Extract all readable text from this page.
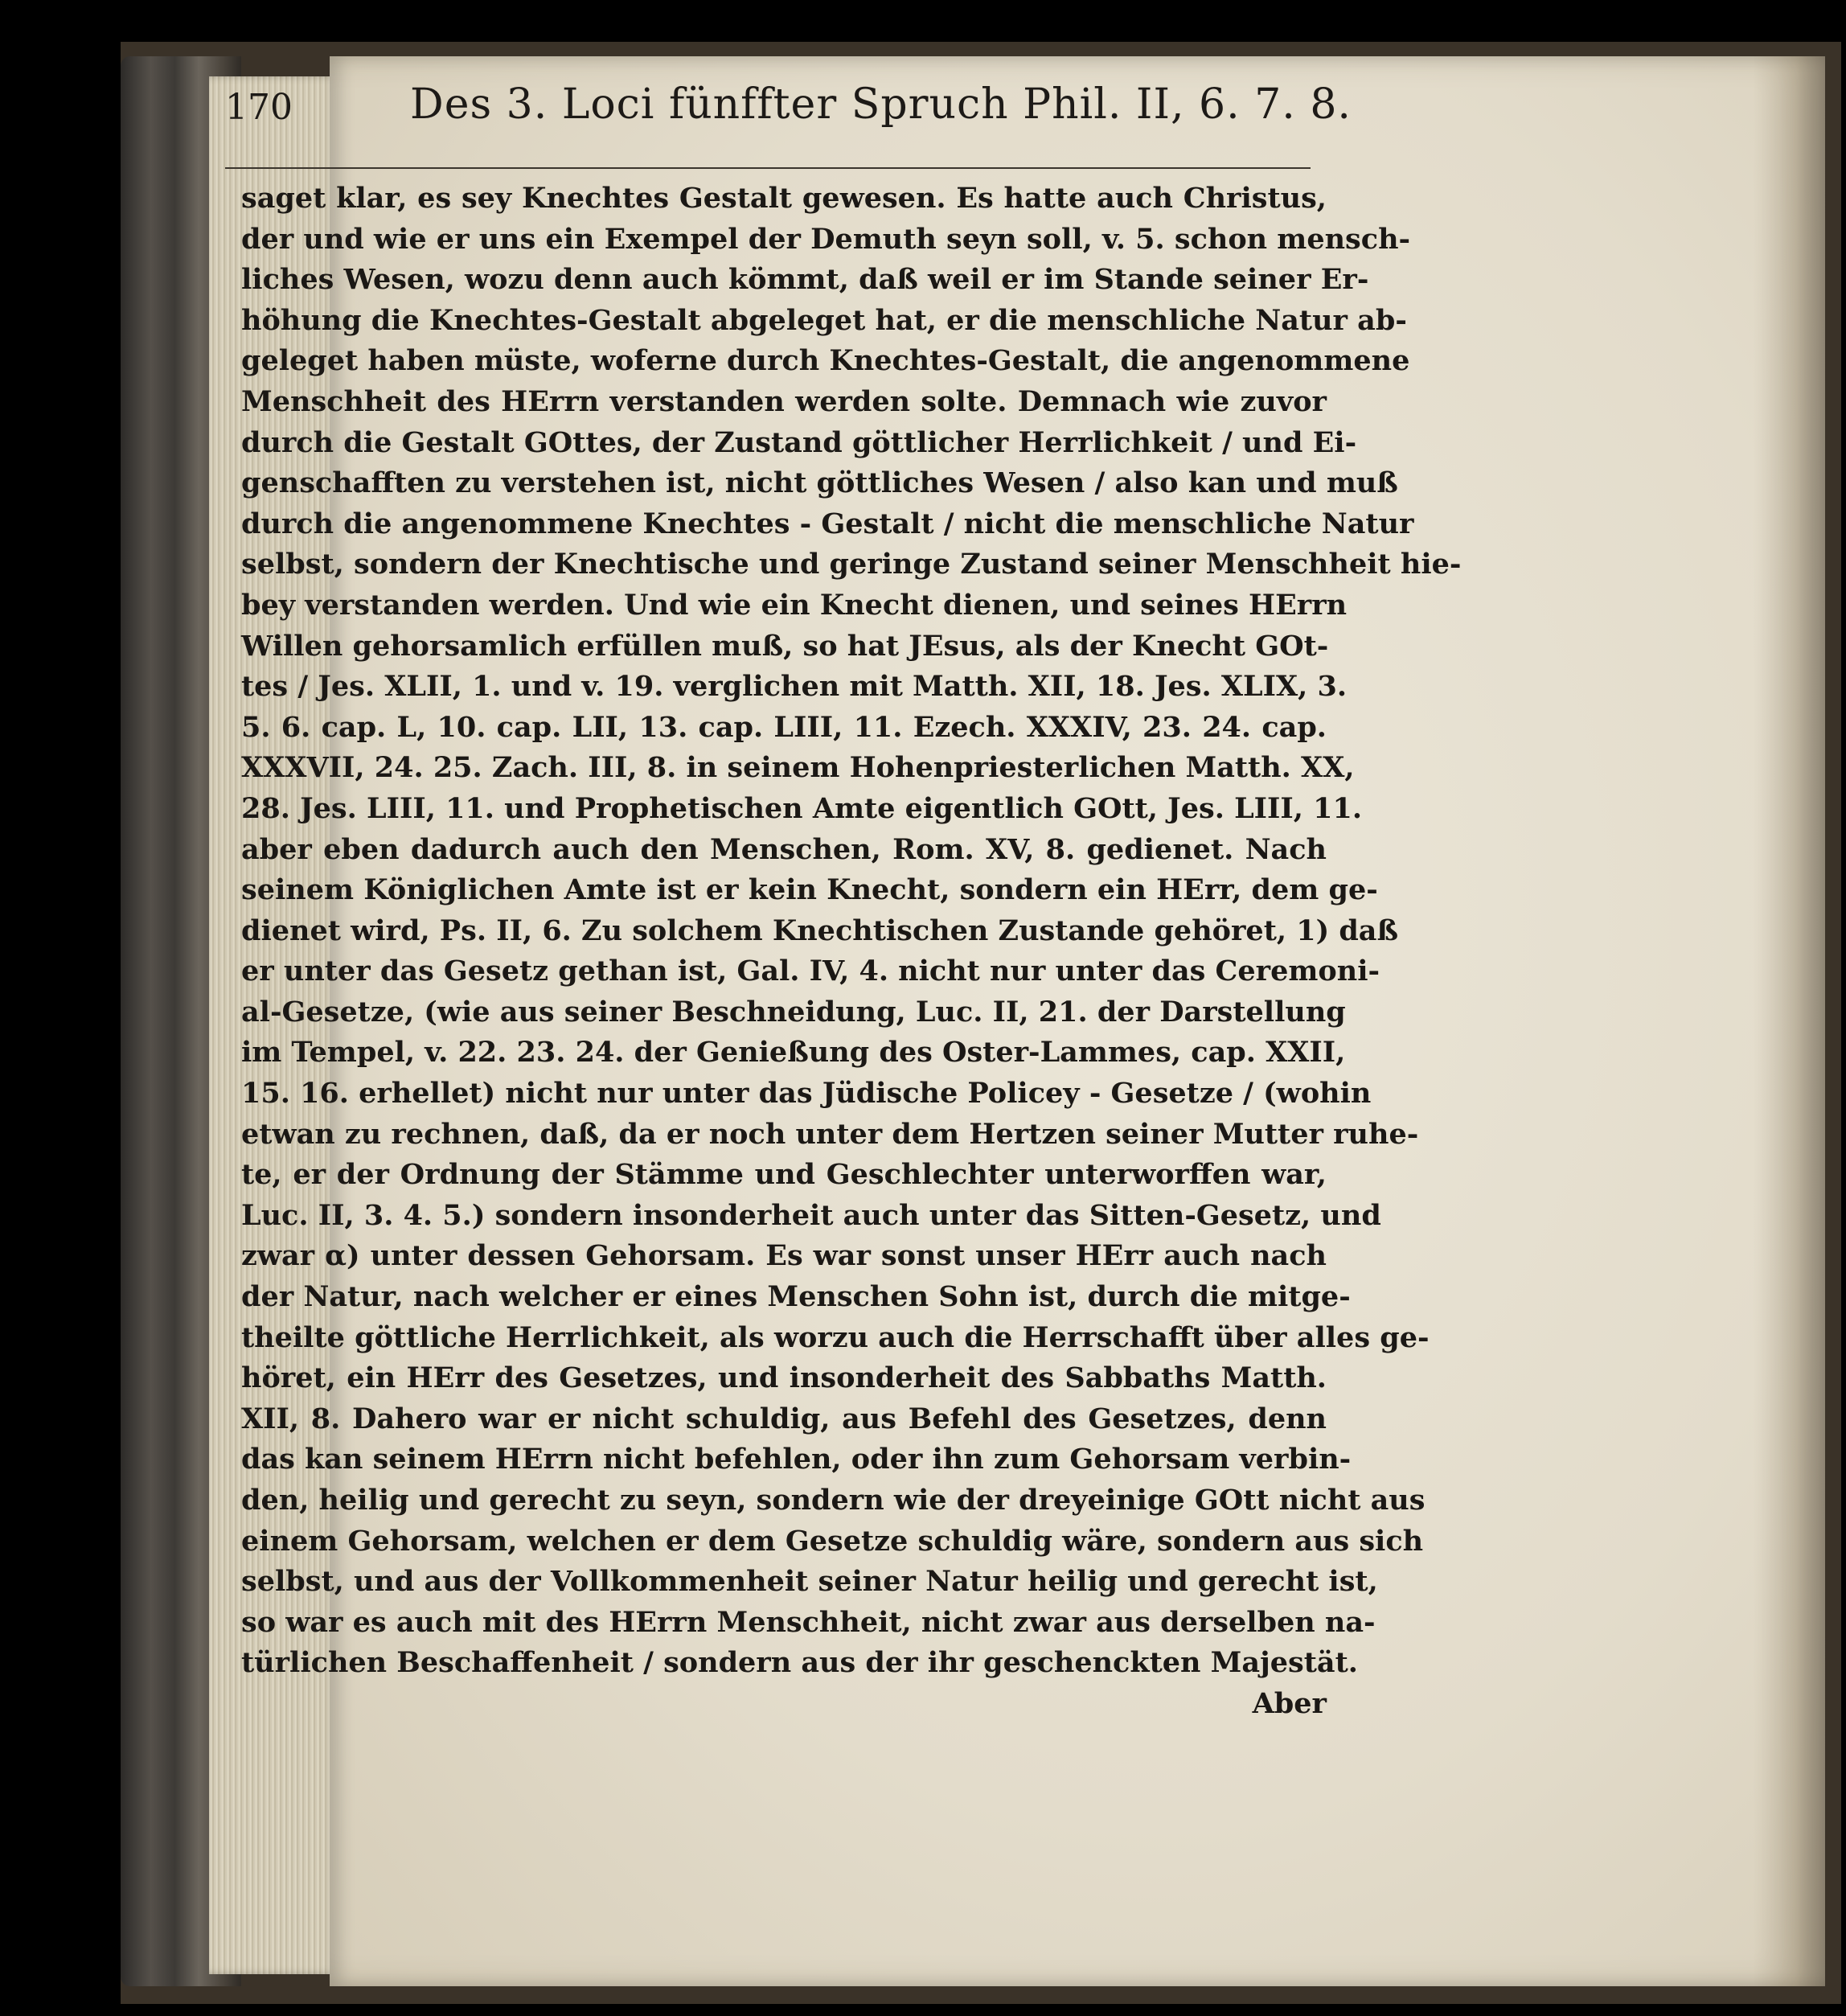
170	Des 3. Loci fünffter Spruch Phil. II, 6. 7. 8.
saget klar, es sey Knechtes Gestalt gewesen. Es hatte auch Christus,
der und wie er uns ein Exempel der Demuth seyn soll, v. 5. schon mensch-
liches Wesen, wozu denn auch kömmt, daß weil er im Stande seiner Er-
höhung die Knechtes-Gestalt abgeleget hat, er die menschliche Natur ab-
geleget haben müste, woferne durch Knechtes-Gestalt, die angenommene
Menschheit des HErrn verstanden werden solte. Demnach wie zuvor
durch die Gestalt GOttes, der Zustand göttlicher Herrlichkeit / und Ei-
genschafften zu verstehen ist, nicht göttliches Wesen / also kan und muß
durch die angenommene Knechtes - Gestalt / nicht die menschliche Natur
selbst, sondern der Knechtische und geringe Zustand seiner Menschheit hie-
bey verstanden werden. Und wie ein Knecht dienen, und seines HErrn
Willen gehorsamlich erfüllen muß, so hat JEsus, als der Knecht GOt-
tes / Jes. XLII, 1. und v. 19. verglichen mit Matth. XII, 18. Jes. XLIX, 3.
5. 6. cap. L, 10. cap. LII, 13. cap. LIII, 11. Ezech. XXXIV, 23. 24. cap.
XXXVII, 24. 25. Zach. III, 8. in seinem Hohenpriesterlichen Matth. XX,
28. Jes. LIII, 11. und Prophetischen Amte eigentlich GOtt, Jes. LIII, 11.
aber eben dadurch auch den Menschen, Rom. XV, 8. gedienet. Nach
seinem Königlichen Amte ist er kein Knecht, sondern ein HErr, dem ge-
dienet wird, Ps. II, 6. Zu solchem Knechtischen Zustande gehöret, 1) daß
er unter das Gesetz gethan ist, Gal. IV, 4. nicht nur unter das Ceremoni-
al-Gesetze, (wie aus seiner Beschneidung, Luc. II, 21. der Darstellung
im Tempel, v. 22. 23. 24. der Genießung des Oster-Lammes, cap. XXII,
15. 16. erhellet) nicht nur unter das Jüdische Policey - Gesetze / (wohin
etwan zu rechnen, daß, da er noch unter dem Hertzen seiner Mutter ruhe-
te, er der Ordnung der Stämme und Geschlechter unterworffen war,
Luc. II, 3. 4. 5.) sondern insonderheit auch unter das Sitten-Gesetz, und
zwar α) unter dessen Gehorsam. Es war sonst unser HErr auch nach
der Natur, nach welcher er eines Menschen Sohn ist, durch die mitge-
theilte göttliche Herrlichkeit, als worzu auch die Herrschafft über alles ge-
höret, ein HErr des Gesetzes, und insonderheit des Sabbaths Matth.
XII, 8. Dahero war er nicht schuldig, aus Befehl des Gesetzes, denn
das kan seinem HErrn nicht befehlen, oder ihn zum Gehorsam verbin-
den, heilig und gerecht zu seyn, sondern wie der dreyeinige GOtt nicht aus
einem Gehorsam, welchen er dem Gesetze schuldig wäre, sondern aus sich
selbst, und aus der Vollkommenheit seiner Natur heilig und gerecht ist,
so war es auch mit des HErrn Menschheit, nicht zwar aus derselben na-
türlichen Beschaffenheit / sondern aus der ihr geschenckten Majestät.
Aber
